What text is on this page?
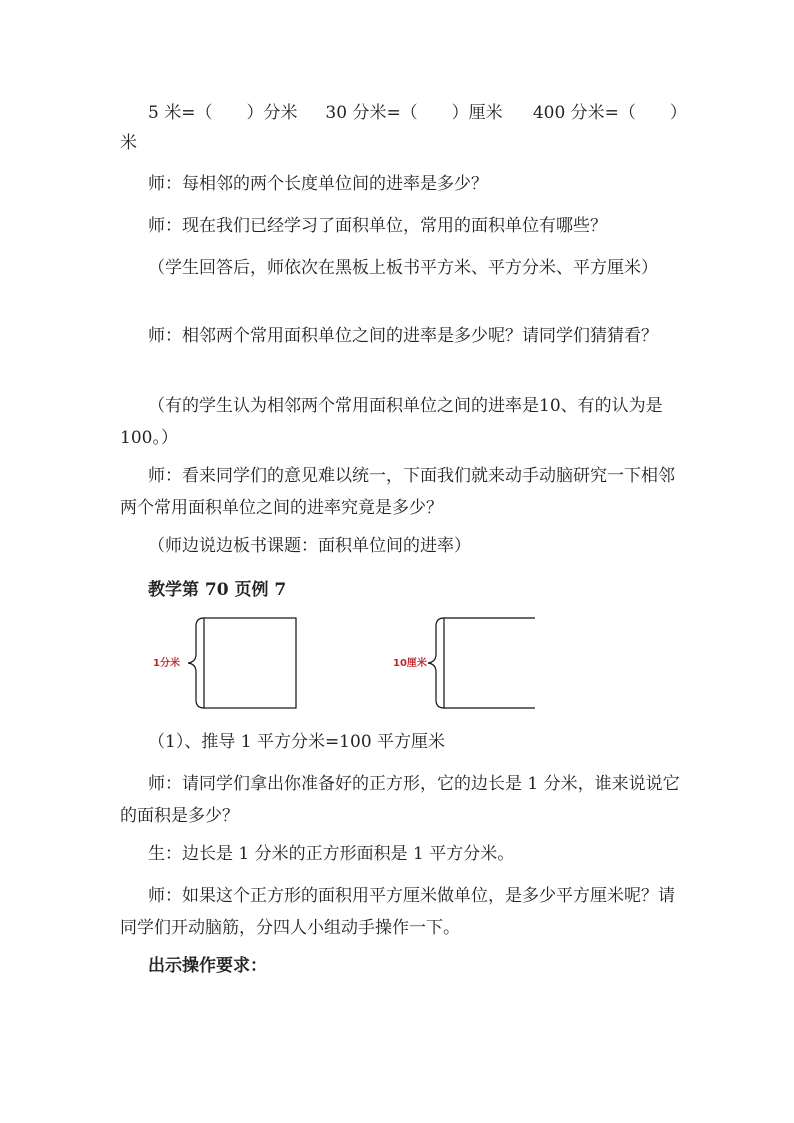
5 米=（　　）分米 30 分米=（　　）厘米 400 分米=（　　）

米

师：每相邻的两个长度单位间的进率是多少？

师：现在我们已经学习了面积单位，常用的面积单位有哪些？

（学生回答后，师依次在黑板上板书平方米、平方分米、平方厘米）

师：相邻两个常用面积单位之间的进率是多少呢？请同学们猜猜看？

（有的学生认为相邻两个常用面积单位之间的进率是10、有的认为是 100。）

师：看来同学们的意见难以统一，下面我们就来动手动脑研究一下相邻两个常用面积单位之间的进率究竟是多少？

（师边说边板书课题：面积单位间的进率）

教学第 70 页例 7

1分米	10厘米

（1）、推导 1 平方分米=100 平方厘米

师：请同学们拿出你准备好的正方形，它的边长是 1 分米，谁来说说它的面积是多少？

生：边长是 1 分米的正方形面积是 1 平方分米。

师：如果这个正方形的面积用平方厘米做单位，是多少平方厘米呢？请同学们开动脑筋，分四人小组动手操作一下。

出示操作要求：
